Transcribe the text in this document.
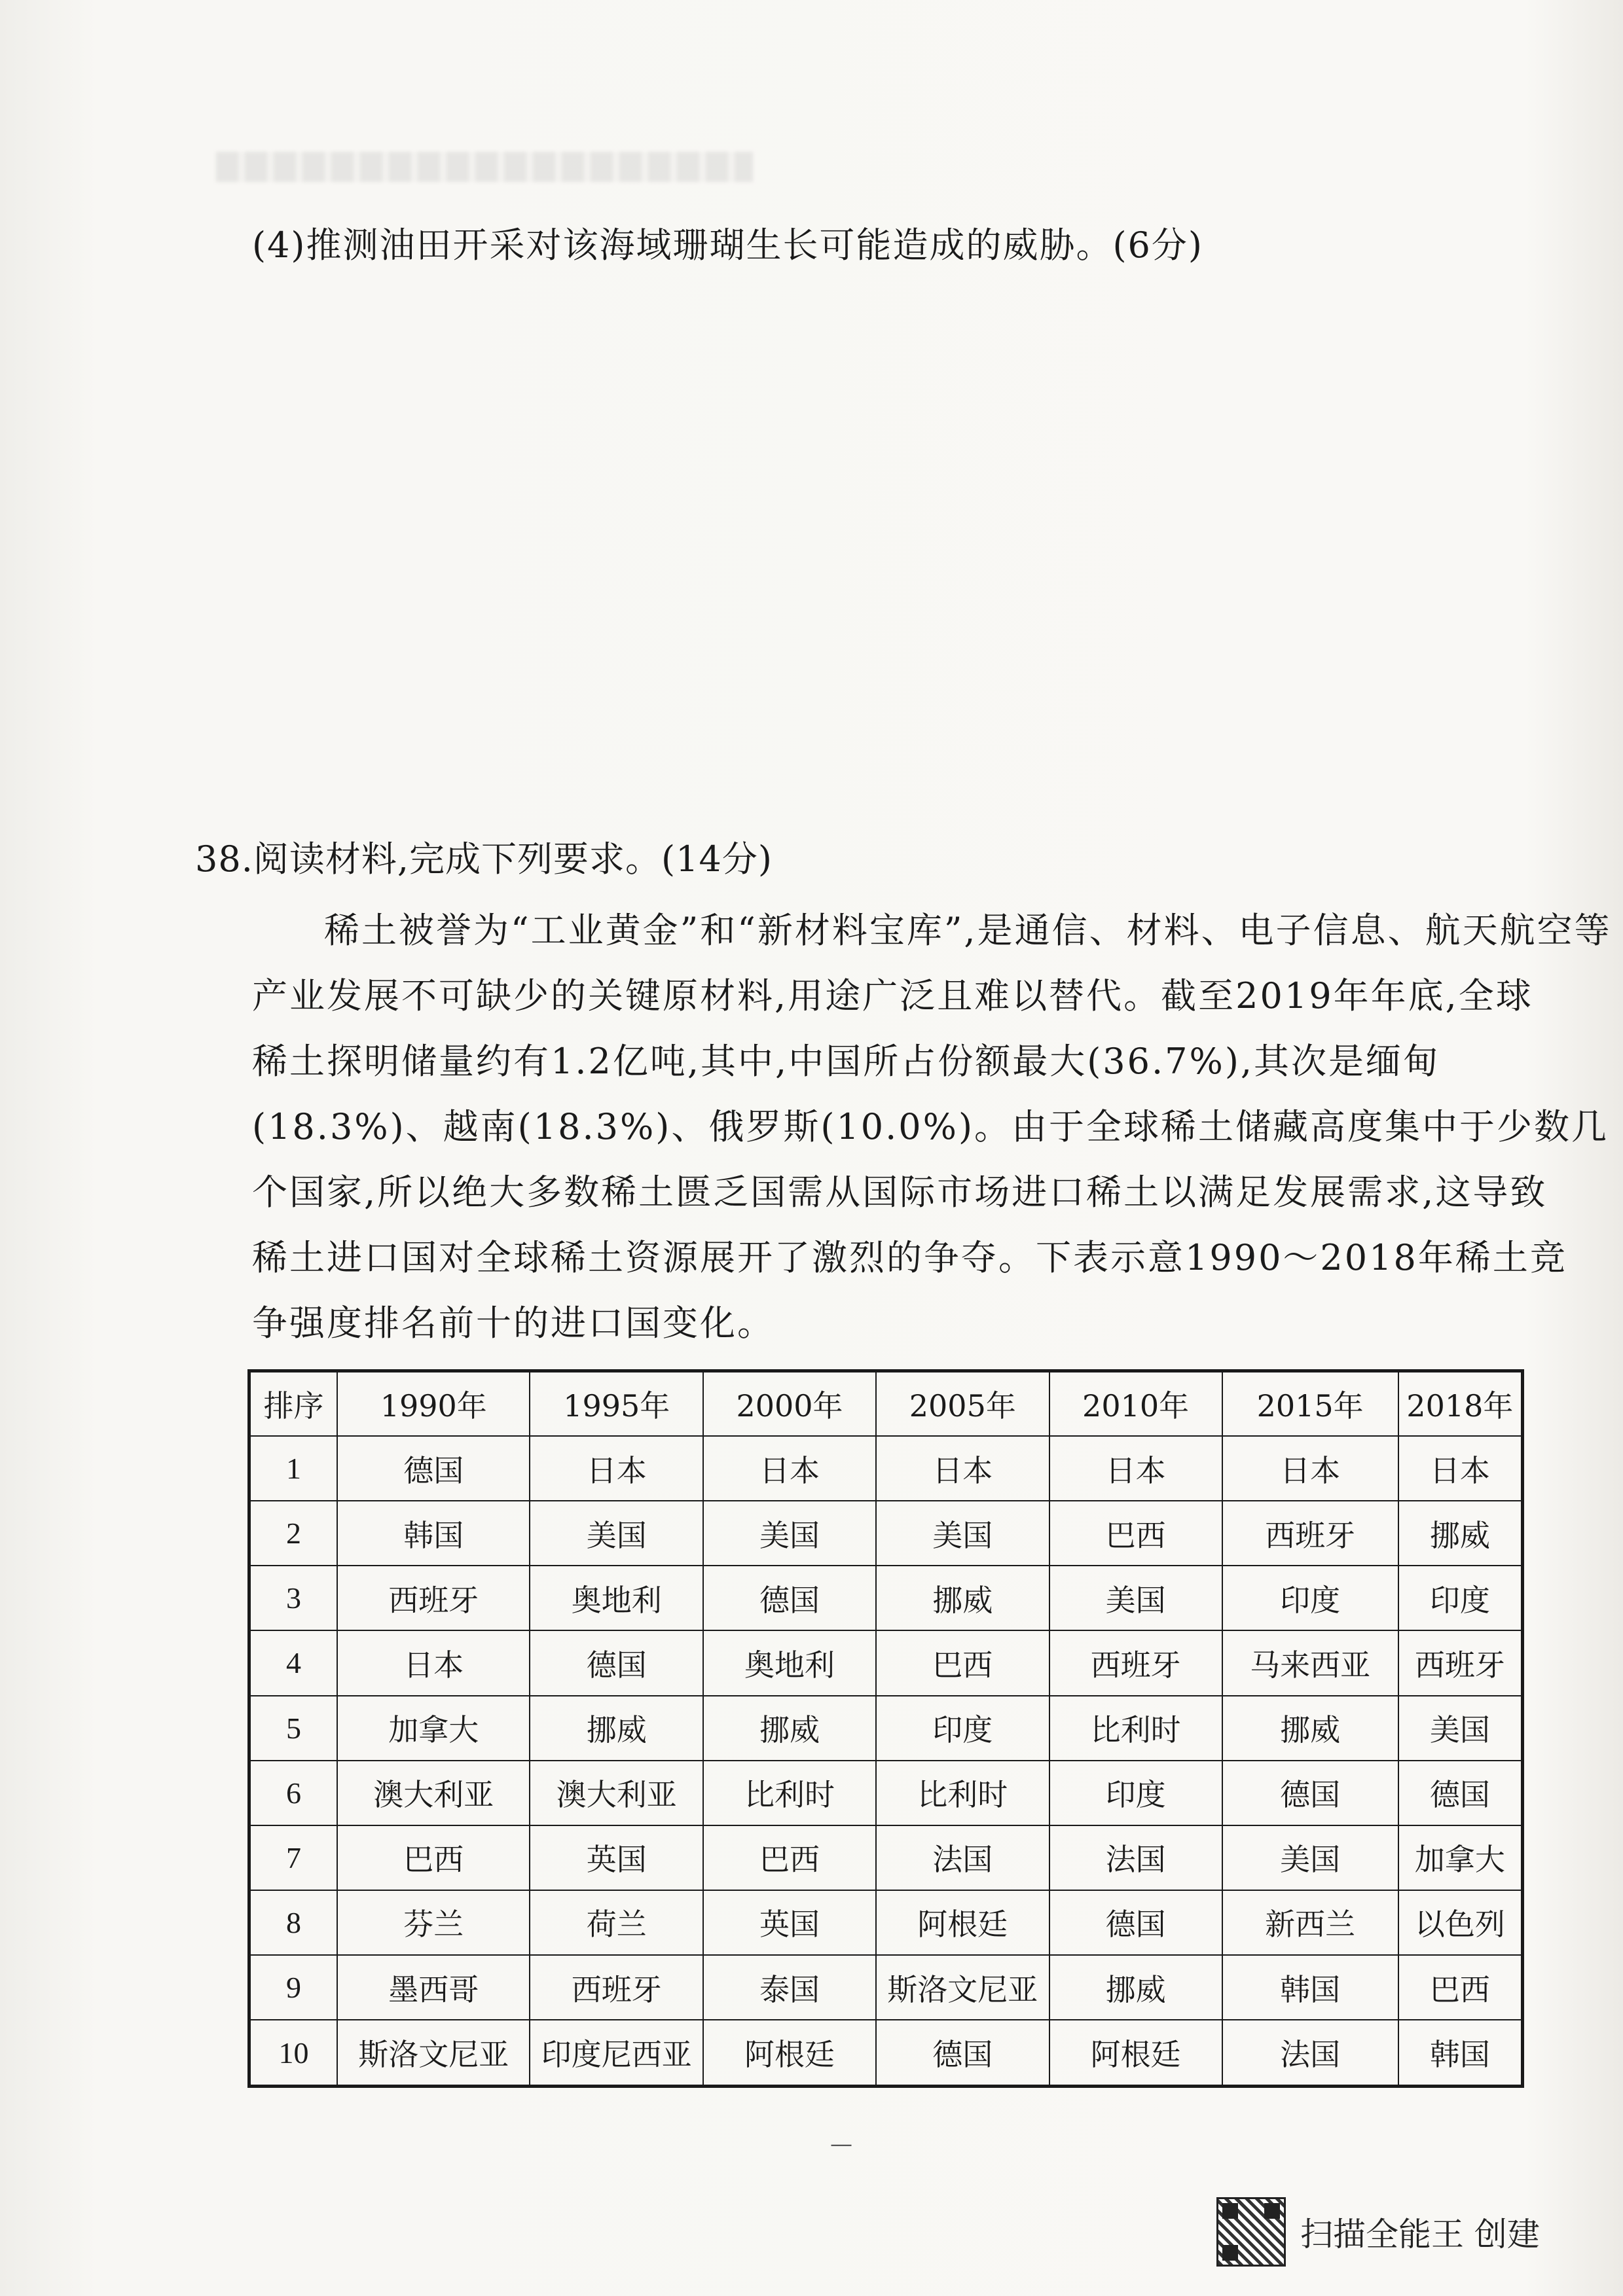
(4)推测油田开采对该海域珊瑚生长可能造成的威胁。(6分)
38.阅读材料,完成下列要求。(14分)
稀土被誉为“工业黄金”和“新材料宝库”,是通信、材料、电子信息、航天航空等
产业发展不可缺少的关键原材料,用途广泛且难以替代。截至2019年年底,全球
稀土探明储量约有1.2亿吨,其中,中国所占份额最大(36.7%),其次是缅甸
(18.3%)、越南(18.3%)、俄罗斯(10.0%)。由于全球稀土储藏高度集中于少数几
个国家,所以绝大多数稀土匮乏国需从国际市场进口稀土以满足发展需求,这导致
稀土进口国对全球稀土资源展开了激烈的争夺。下表示意1990～2018年稀土竞
争强度排名前十的进口国变化。
排序	1990年	1995年	2000年	2005年	2010年	2015年	2018年
1	德国	日本	日本	日本	日本	日本	日本
2	韩国	美国	美国	美国	巴西	西班牙	挪威
3	西班牙	奥地利	德国	挪威	美国	印度	印度
4	日本	德国	奥地利	巴西	西班牙	马来西亚	西班牙
5	加拿大	挪威	挪威	印度	比利时	挪威	美国
6	澳大利亚	澳大利亚	比利时	比利时	印度	德国	德国
7	巴西	英国	巴西	法国	法国	美国	加拿大
8	芬兰	荷兰	英国	阿根廷	德国	新西兰	以色列
9	墨西哥	西班牙	泰国	斯洛文尼亚	挪威	韩国	巴西
10	斯洛文尼亚	印度尼西亚	阿根廷	德国	阿根廷	法国	韩国
—
扫描全能王 创建
